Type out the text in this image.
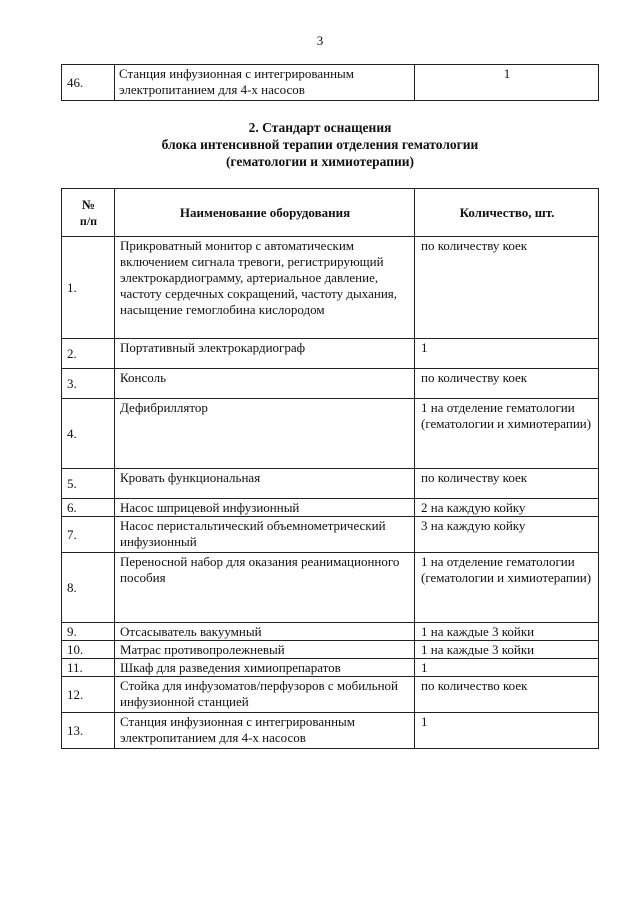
3
46.	Станция инфузионная с интегрированным электропитанием для 4-х насосов	1
2. Стандарт оснащения
блока интенсивной терапии отделения гематологии
(гематологии и химиотерапии)
№
п/п	Наименование оборудования	Количество, шт.
1.	Прикроватный монитор с автоматическим включением сигнала тревоги, регистрирующий электрокардиограмму, артериальное давление, частоту сердечных сокращений, частоту дыхания, насыщение гемоглобина кислородом	по количеству коек
2.	Портативный электрокардиограф	1
3.	Консоль	по количеству коек
4.	Дефибриллятор	1 на отделение гематологии (гематологии и химиотерапии)
5.	Кровать функциональная	по количеству коек
6.	Насос шприцевой инфузионный	2 на каждую койку
7.	Насос перистальтический объемнометрический инфузионный	3 на каждую койку
8.	Переносной набор для оказания реанимационного пособия	1 на отделение гематологии (гематологии и химиотерапии)
9.	Отсасыватель вакуумный	1 на каждые 3 койки
10.	Матрас противопролежневый	1 на каждые 3 койки
11.	Шкаф для разведения химиопрепаратов	1
12.	Стойка для инфузоматов/перфузоров с мобильной инфузионной станцией	по количество коек
13.	Станция инфузионная с интегрированным электропитанием для 4-х насосов	1
